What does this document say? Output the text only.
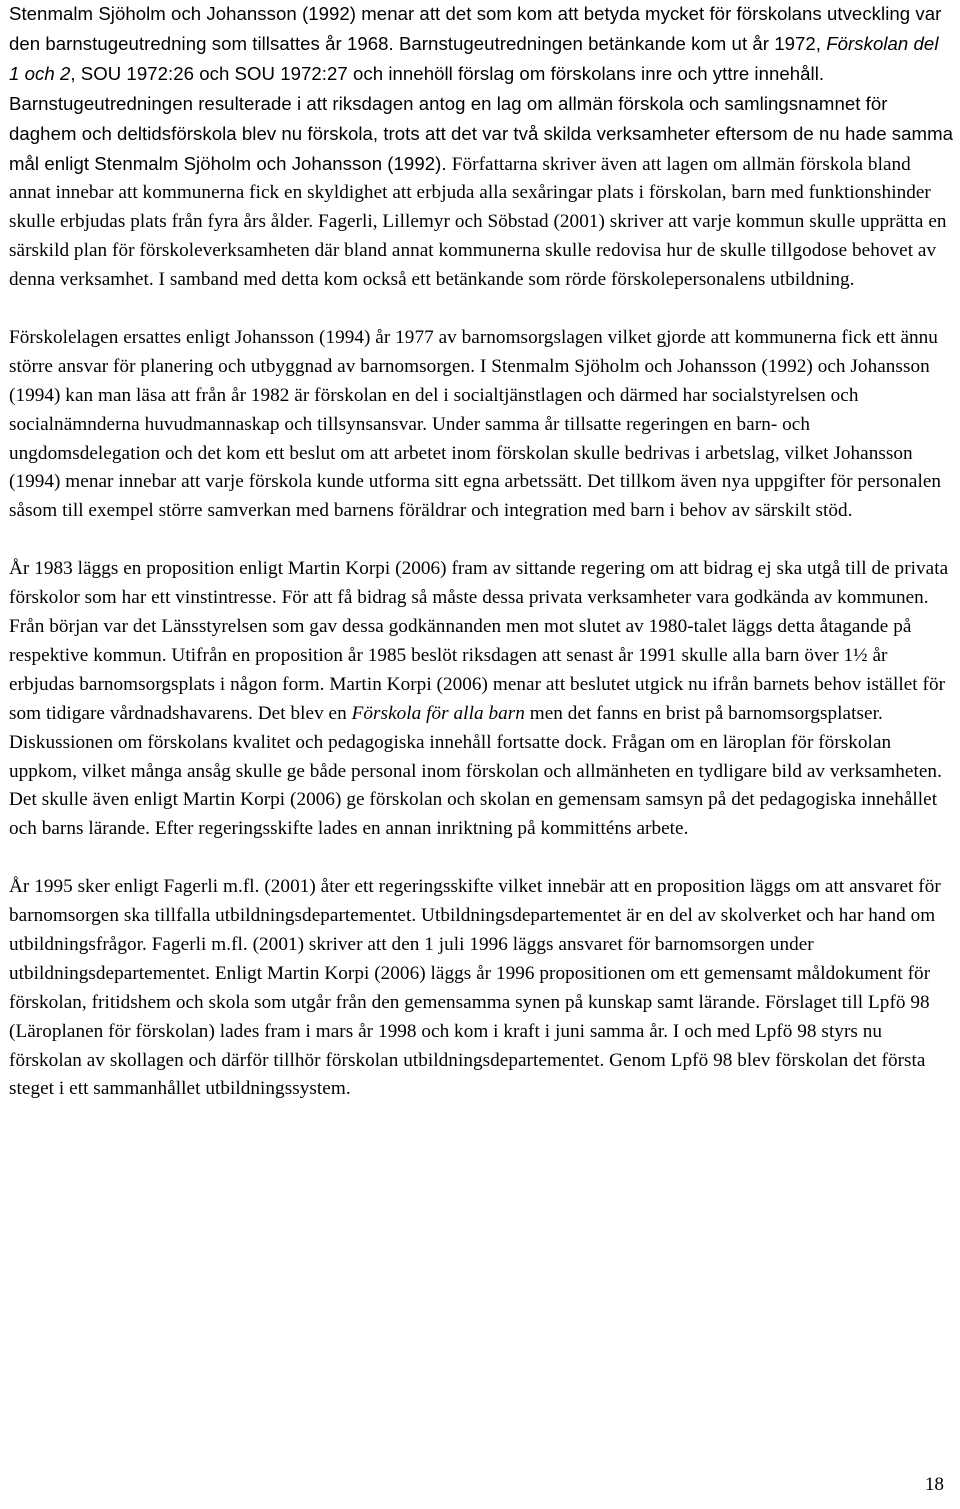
Stenmalm Sjöholm och Johansson (1992) menar att det som kom att betyda mycket för förskolans utveckling var den barnstugeutredning som tillsattes år 1968. Barnstugeutredningen betänkande kom ut år 1972, Förskolan del 1 och 2, SOU 1972:26 och SOU 1972:27 och innehöll förslag om förskolans inre och yttre innehåll. Barnstugeutredningen resulterade i att riksdagen antog en lag om allmän förskola och samlingsnamnet för daghem och deltidsförskola blev nu förskola, trots att det var två skilda verksamheter eftersom de nu hade samma mål enligt Stenmalm Sjöholm och Johansson (1992). Författarna skriver även att lagen om allmän förskola bland annat innebar att kommunerna fick en skyldighet att erbjuda alla sexåringar plats i förskolan, barn med funktionshinder skulle erbjudas plats från fyra års ålder. Fagerli, Lillemyr och Söbstad (2001) skriver att varje kommun skulle upprätta en särskild plan för förskoleverksamheten där bland annat kommunerna skulle redovisa hur de skulle tillgodose behovet av denna verksamhet. I samband med detta kom också ett betänkande som rörde förskolepersonalens utbildning.

Förskolelagen ersattes enligt Johansson (1994) år 1977 av barnomsorgslagen vilket gjorde att kommunerna fick ett ännu större ansvar för planering och utbyggnad av barnomsorgen. I Stenmalm Sjöholm och Johansson (1992) och Johansson (1994) kan man läsa att från år 1982 är förskolan en del i socialtjänstlagen och därmed har socialstyrelsen och socialnämnderna huvudmannaskap och tillsynsansvar. Under samma år tillsatte regeringen en barn- och ungdomsdelegation och det kom ett beslut om att arbetet inom förskolan skulle bedrivas i arbetslag, vilket Johansson (1994) menar innebar att varje förskola kunde utforma sitt egna arbetssätt. Det tillkom även nya uppgifter för personalen såsom till exempel större samverkan med barnens föräldrar och integration med barn i behov av särskilt stöd.

År 1983 läggs en proposition enligt Martin Korpi (2006) fram av sittande regering om att bidrag ej ska utgå till de privata förskolor som har ett vinstintresse. För att få bidrag så måste dessa privata verksamheter vara godkända av kommunen. Från början var det Länsstyrelsen som gav dessa godkännanden men mot slutet av 1980-talet läggs detta åtagande på respektive kommun. Utifrån en proposition år 1985 beslöt riksdagen att senast år 1991 skulle alla barn över 1½ år erbjudas barnomsorgsplats i någon form. Martin Korpi (2006) menar att beslutet utgick nu ifrån barnets behov istället för som tidigare vårdnadshavarens. Det blev en Förskola för alla barn men det fanns en brist på barnomsorgsplatser. Diskussionen om förskolans kvalitet och pedagogiska innehåll fortsatte dock. Frågan om en läroplan för förskolan uppkom, vilket många ansåg skulle ge både personal inom förskolan och allmänheten en tydligare bild av verksamheten. Det skulle även enligt Martin Korpi (2006) ge förskolan och skolan en gemensam samsyn på det pedagogiska innehållet och barns lärande. Efter regeringsskifte lades en annan inriktning på kommitténs arbete.

År 1995 sker enligt Fagerli m.fl. (2001) åter ett regeringsskifte vilket innebär att en proposition läggs om att ansvaret för barnomsorgen ska tillfalla utbildningsdepartementet. Utbildningsdepartementet är en del av skolverket och har hand om utbildningsfrågor. Fagerli m.fl. (2001) skriver att den 1 juli 1996 läggs ansvaret för barnomsorgen under utbildningsdepartementet. Enligt Martin Korpi (2006) läggs år 1996 propositionen om ett gemensamt måldokument för förskolan, fritidshem och skola som utgår från den gemensamma synen på kunskap samt lärande. Förslaget till Lpfö 98 (Läroplanen för förskolan) lades fram i mars år 1998 och kom i kraft i juni samma år. I och med Lpfö 98 styrs nu förskolan av skollagen och därför tillhör förskolan utbildningsdepartementet. Genom Lpfö 98 blev förskolan det första steget i ett sammanhållet utbildningssystem.

18
